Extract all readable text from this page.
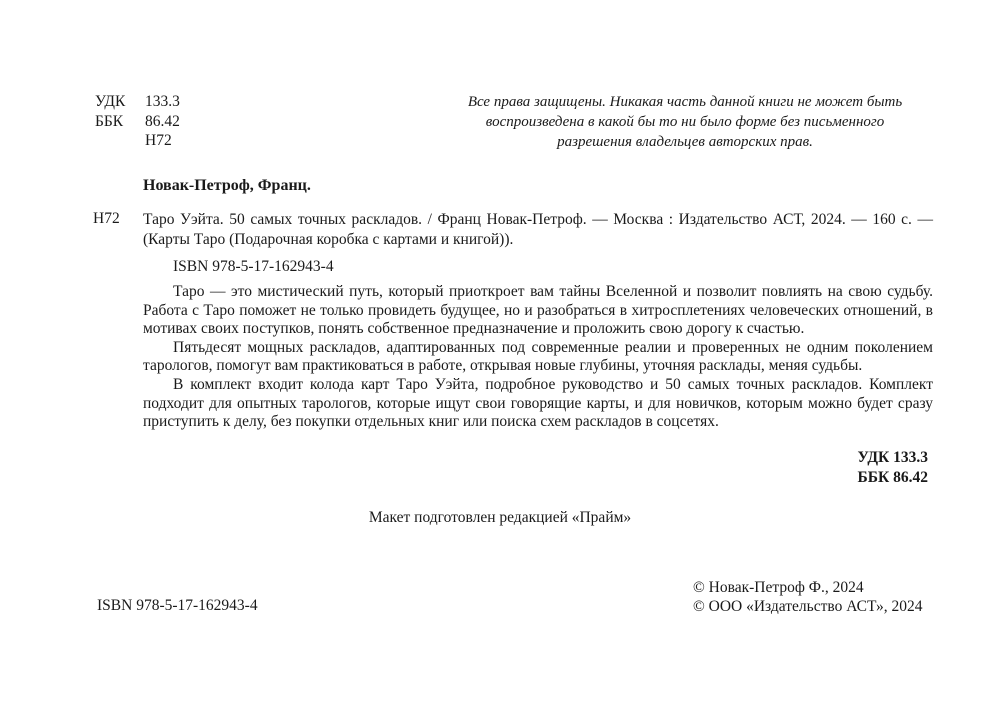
УДК	133.3
ББК	86.42
Н72
Все права защищены. Никакая часть данной книги не может быть
воспроизведена в какой бы то ни было форме без письменного
разрешения владельцев авторских прав.
Новак-Петроф, Франц.
Н72 Таро Уэйта. 50 самых точных раскладов. / Франц Новак-Петроф. — Москва : Издательство АСТ, 2024. — 160 с. — (Карты Таро (Подарочная коробка с картами и книгой)).
ISBN 978-5-17-162943-4

Таро — это мистический путь, который приоткроет вам тайны Вселенной и позволит повлиять на свою судьбу. Работа с Таро поможет не только провидеть будущее, но и разобраться в хитросплетениях человеческих отношений, в мотивах своих поступков, понять собственное предназначение и проложить свою дорогу к счастью.

Пятьдесят мощных раскладов, адаптированных под современные реалии и проверенных не одним поколением тарологов, помогут вам практиковаться в работе, открывая новые глубины, уточняя расклады, меняя судьбы.

В комплект входит колода карт Таро Уэйта, подробное руководство и 50 самых точных раскладов. Комплект подходит для опытных тарологов, которые ищут свои говорящие карты, и для новичков, которым можно будет сразу приступить к делу, без покупки отдельных книг или поиска схем раскладов в соцсетях.

УДК 133.3
ББК 86.42
Макет подготовлен редакцией «Прайм»
ISBN 978-5-17-162943-4
© Новак-Петроф Ф., 2024
© ООО «Издательство АСТ», 2024
